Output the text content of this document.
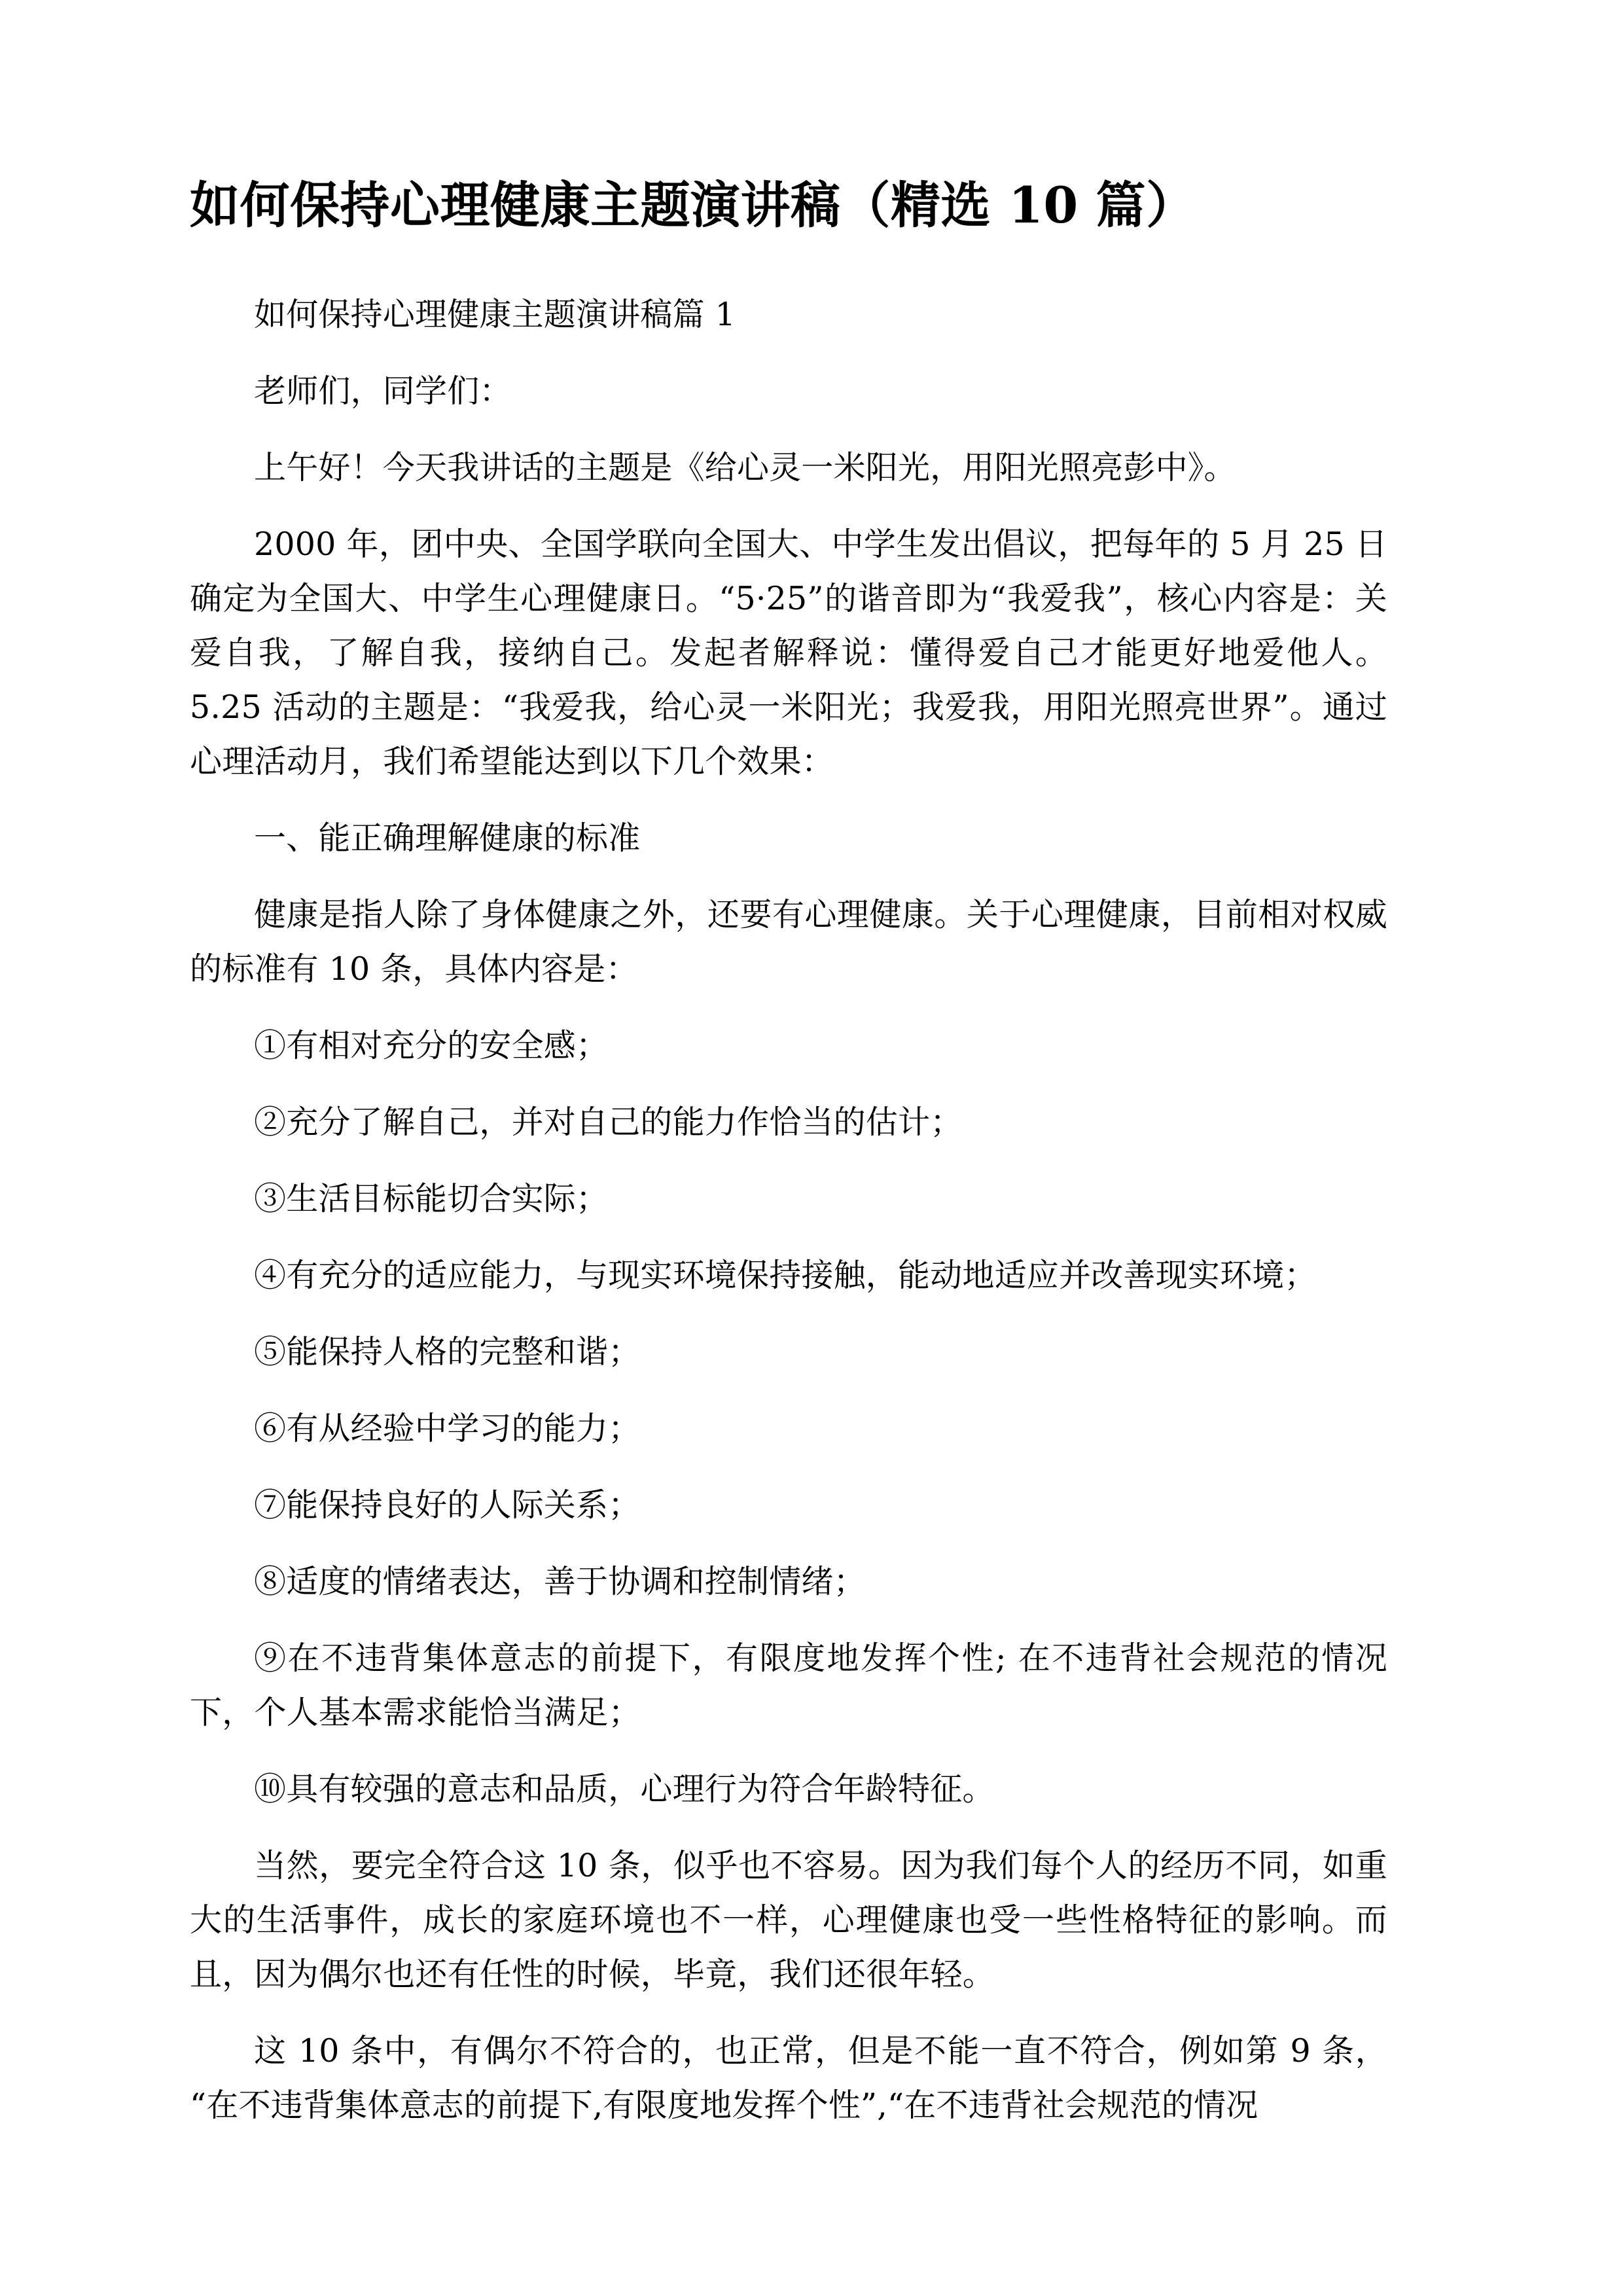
如何保持心理健康主题演讲稿（精选 10 篇）

如何保持心理健康主题演讲稿篇 1

老师们，同学们：

上午好！今天我讲话的主题是《给心灵一米阳光，用阳光照亮彭中》。

2000 年，团中央、全国学联向全国大、中学生发出倡议，把每年的 5 月 25 日确定为全国大、中学生心理健康日。“5·25”的谐音即为“我爱我”，核心内容是：关爱自我，了解自我，接纳自己。发起者解释说：懂得爱自己才能更好地爱他人。5.25 活动的主题是：“我爱我，给心灵一米阳光；我爱我，用阳光照亮世界”。通过心理活动月，我们希望能达到以下几个效果：

一、能正确理解健康的标准

健康是指人除了身体健康之外，还要有心理健康。关于心理健康，目前相对权威的标准有 10 条，具体内容是：

①有相对充分的安全感；

②充分了解自己，并对自己的能力作恰当的估计；

③生活目标能切合实际；

④有充分的适应能力，与现实环境保持接触，能动地适应并改善现实环境；

⑤能保持人格的完整和谐；

⑥有从经验中学习的能力；

⑦能保持良好的人际关系；

⑧适度的情绪表达，善于协调和控制情绪；

⑨在不违背集体意志的前提下，有限度地发挥个性; 在不违背社会规范的情况下，个人基本需求能恰当满足；

⑩具有较强的意志和品质，心理行为符合年龄特征。

当然，要完全符合这 10 条，似乎也不容易。因为我们每个人的经历不同，如重大的生活事件，成长的家庭环境也不一样，心理健康也受一些性格特征的影响。而且，因为偶尔也还有任性的时候，毕竟，我们还很年轻。

这 10 条中，有偶尔不符合的，也正常，但是不能一直不符合，例如第 9 条，“在不违背集体意志的前提下,有限度地发挥个性”,“在不违背社会规范的情况
